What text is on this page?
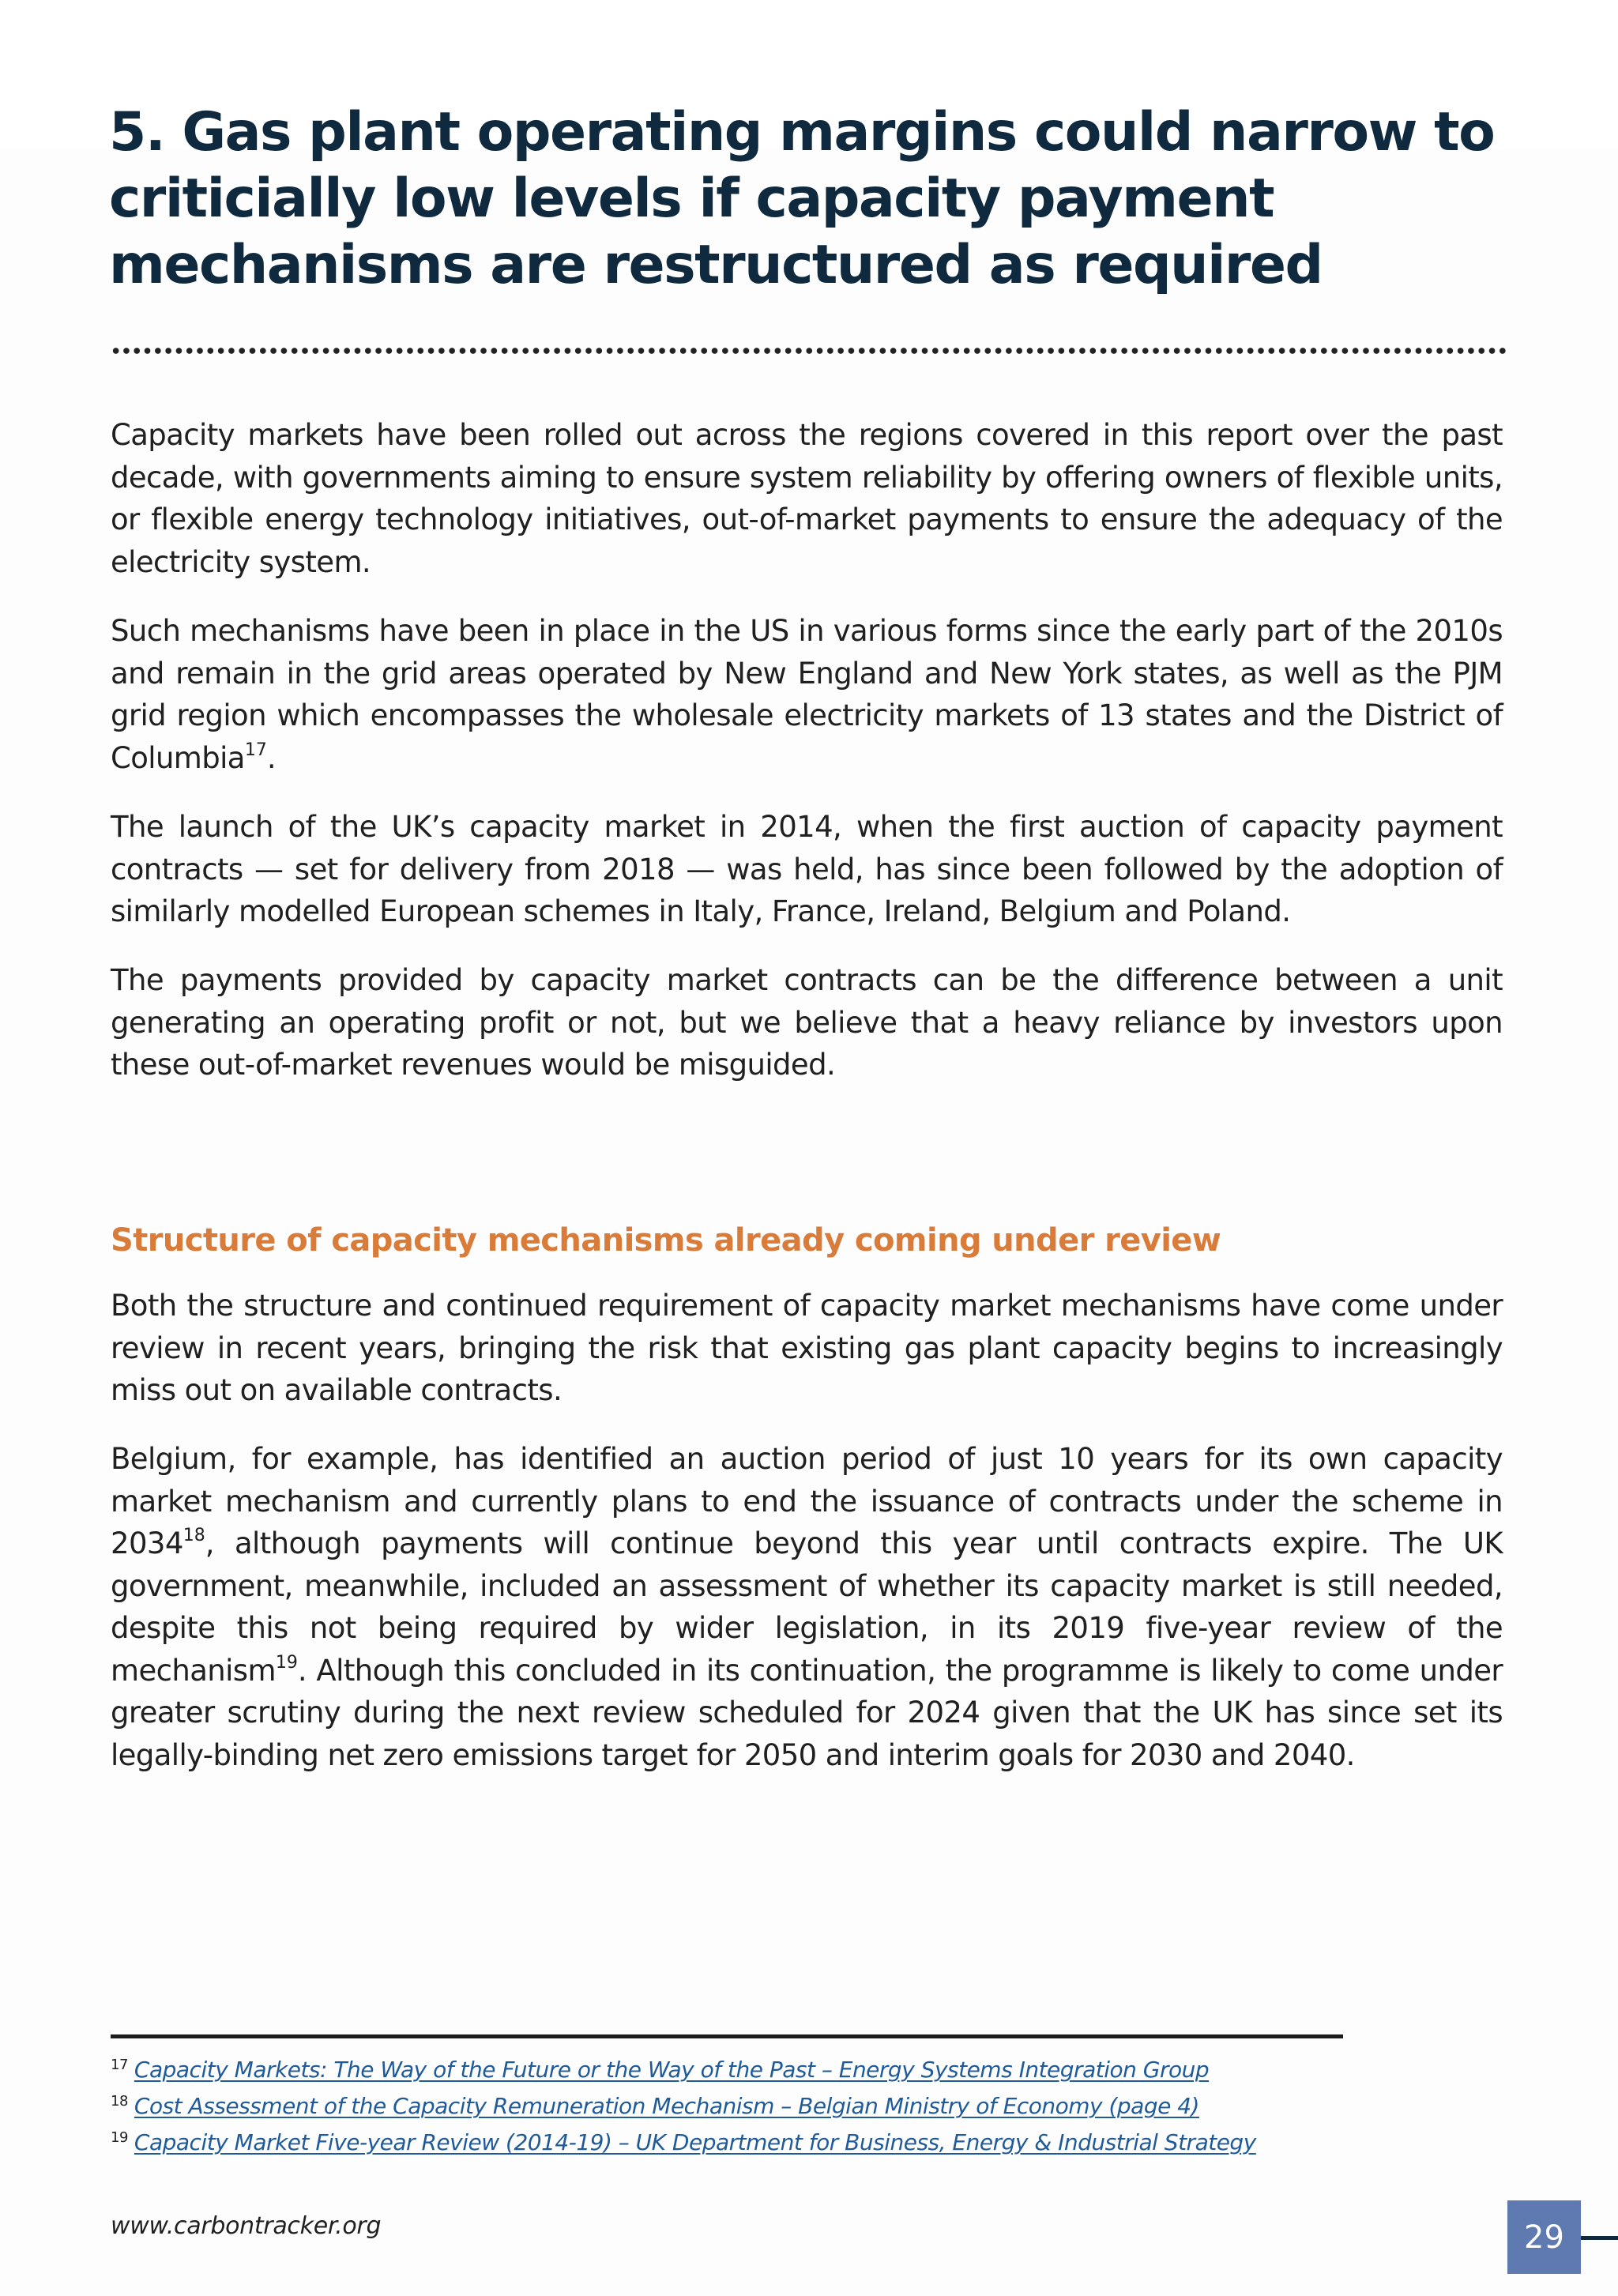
5. Gas plant operating margins could narrow to criticially low levels if capacity payment mechanisms are restructured as required

Capacity markets have been rolled out across the regions covered in this report over the past decade, with governments aiming to ensure system reliability by offering owners of flexible units, or flexible energy technology initiatives, out-of-market payments to ensure the adequacy of the electricity system.

Such mechanisms have been in place in the US in various forms since the early part of the 2010s and remain in the grid areas operated by New England and New York states, as well as the PJM grid region which encompasses the wholesale electricity markets of 13 states and the District of Columbia$^{17}$.

The launch of the UK’s capacity market in 2014, when the first auction of capacity payment contracts — set for delivery from 2018 — was held, has since been followed by the adoption of similarly modelled European schemes in Italy, France, Ireland, Belgium and Poland.

The payments provided by capacity market contracts can be the difference between a unit generating an operating profit or not, but we believe that a heavy reliance by investors upon these out-of-market revenues would be misguided.

Structure of capacity mechanisms already coming under review

Both the structure and continued requirement of capacity market mechanisms have come under review in recent years, bringing the risk that existing gas plant capacity begins to increasingly miss out on available contracts.

Belgium, for example, has identified an auction period of just 10 years for its own capacity market mechanism and currently plans to end the issuance of contracts under the scheme in 2034$^{18}$, although payments will continue beyond this year until contracts expire. The UK government, meanwhile, included an assessment of whether its capacity market is still needed, despite this not being required by wider legislation, in its 2019 five-year review of the mechanism$^{19}$. Although this concluded in its continuation, the programme is likely to come under greater scrutiny during the next review scheduled for 2024 given that the UK has since set its legally-binding net zero emissions target for 2050 and interim goals for 2030 and 2040.

$^{17}$ Capacity Markets: The Way of the Future or the Way of the Past – Energy Systems Integration Group
$^{18}$ Cost Assessment of the Capacity Remuneration Mechanism – Belgian Ministry of Economy (page 4)
$^{19}$ Capacity Market Five-year Review (2014-19) – UK Department for Business, Energy & Industrial Strategy
www.carbontracker.org	29
